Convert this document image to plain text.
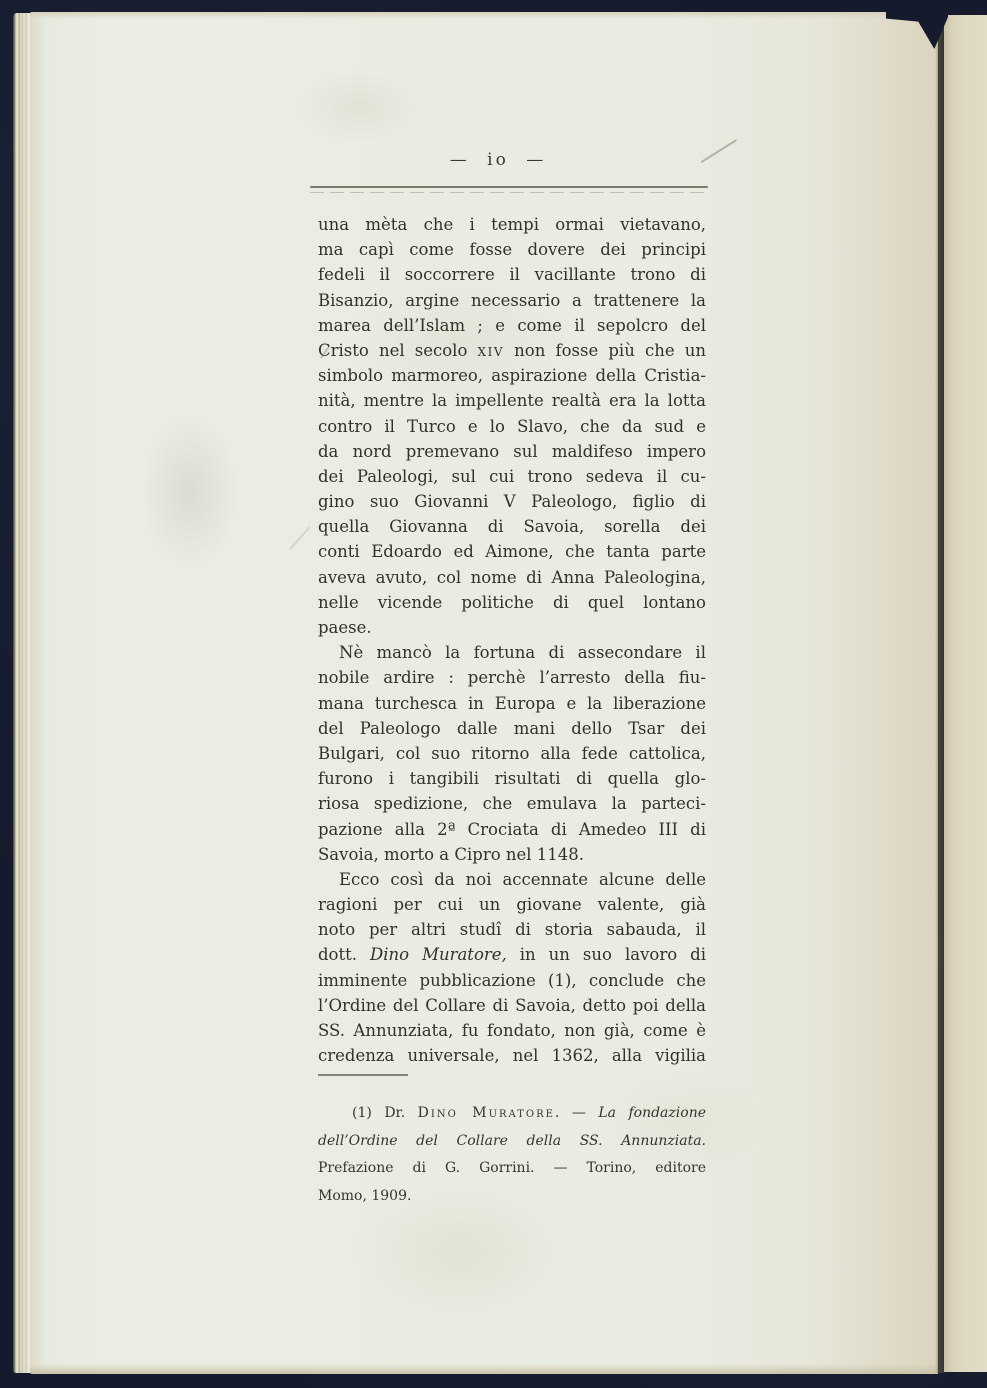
— io —
una mèta che i tempi ormai vietavano,
ma capì come fosse dovere dei principi
fedeli il soccorrere il vacillante trono di
Bisanzio, argine necessario a trattenere la
marea dell’Islam ; e come il sepolcro del
Cristo nel secolo xiv non fosse più che un
simbolo marmoreo, aspirazione della Cristia-
nità, mentre la impellente realtà era la lotta
contro il Turco e lo Slavo, che da sud e
da nord premevano sul maldifeso impero
dei Paleologi, sul cui trono sedeva il cu-
gino suo Giovanni V Paleologo, figlio di
quella Giovanna di Savoia, sorella dei
conti Edoardo ed Aimone, che tanta parte
aveva avuto, col nome di Anna Paleologina,
nelle vicende politiche di quel lontano
paese.
Nè mancò la fortuna di assecondare il
nobile ardire : perchè l’arresto della fiu-
mana turchesca in Europa e la liberazione
del Paleologo dalle mani dello Tsar dei
Bulgari, col suo ritorno alla fede cattolica,
furono i tangibili risultati di quella glo-
riosa spedizione, che emulava la parteci-
pazione alla 2ª Crociata di Amedeo III di
Savoia, morto a Cipro nel 1148.
Ecco così da noi accennate alcune delle
ragioni per cui un giovane valente, già
noto per altri studî di storia sabauda, il
dott. Dino Muratore, in un suo lavoro di
imminente pubblicazione (1), conclude che
l’Ordine del Collare di Savoia, detto poi della
SS. Annunziata, fu fondato, non già, come è
credenza universale, nel 1362, alla vigilia
(1) Dr. Dino Muratore. — La fondazione
dell’Ordine del Collare della SS. Annunziata.
Prefazione di G. Gorrini. — Torino, editore
Momo, 1909.
